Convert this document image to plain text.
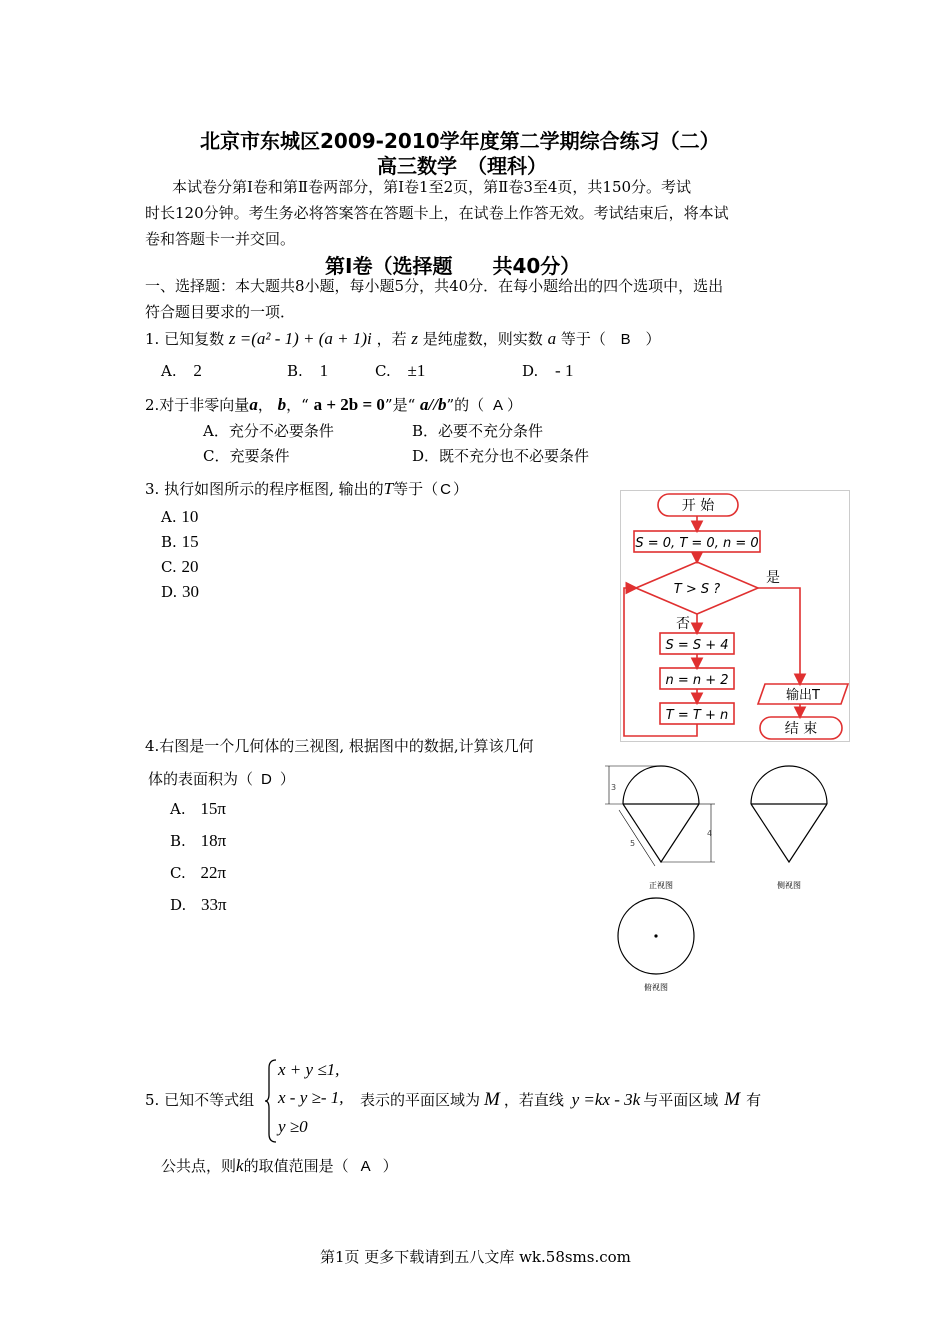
北京市东城区2009-2010学年度第二学期综合练习（二）
高三数学　（理科）
本试卷分第Ⅰ卷和第Ⅱ卷两部分，第Ⅰ卷1至2页，第Ⅱ卷3至4页，共150分。考试
时长120分钟。考生务必将答案答在答题卡上，在试卷上作答无效。考试结束后，将本试
卷和答题卡一并交回。
第Ⅰ卷（选择题　　共40分）
一、选择题：本大题共8小题，每小题5分，共40分．在每小题给出的四个选项中，选出
符合题目要求的一项．
1. 已知复数 z =(a² - 1) + (a + 1)i ，若 z 是纯虚数，则实数 a 等于（ B ）
A. 2	B. 1	C. ±1	D. - 1
2.对于非零向量a， b，“ a + 2b = 0”是“ a//b”的（ A ）
A．充分不必要条件	B．必要不充分条件
C．充要条件	D．既不充分也不必要条件
3. 执行如图所示的程序框图, 输出的T等于（ C ）
A. 10
B. 15
C. 20
D. 30
开 始
S = 0, T = 0, n = 0
T > S ?
是
否
S = S + 4
n = n + 2
T = T + n
输出T
结 束
4.右图是一个几何体的三视图, 根据图中的数据,计算该几何
体的表面积为（ D ）
A. 15π
B. 18π
C. 22π
D. 33π
3
4
5
正视图	侧视图
俯视图
5. 已知不等式组
x + y ≤1,
x - y ≥- 1,
y ≥0
表示的平面区域为 M ，若直线 y =kx - 3k 与平面区域 M 有
公共点，则k的取值范围是（ A ）
第1页 更多下载请到五八文库 wk.58sms.com
